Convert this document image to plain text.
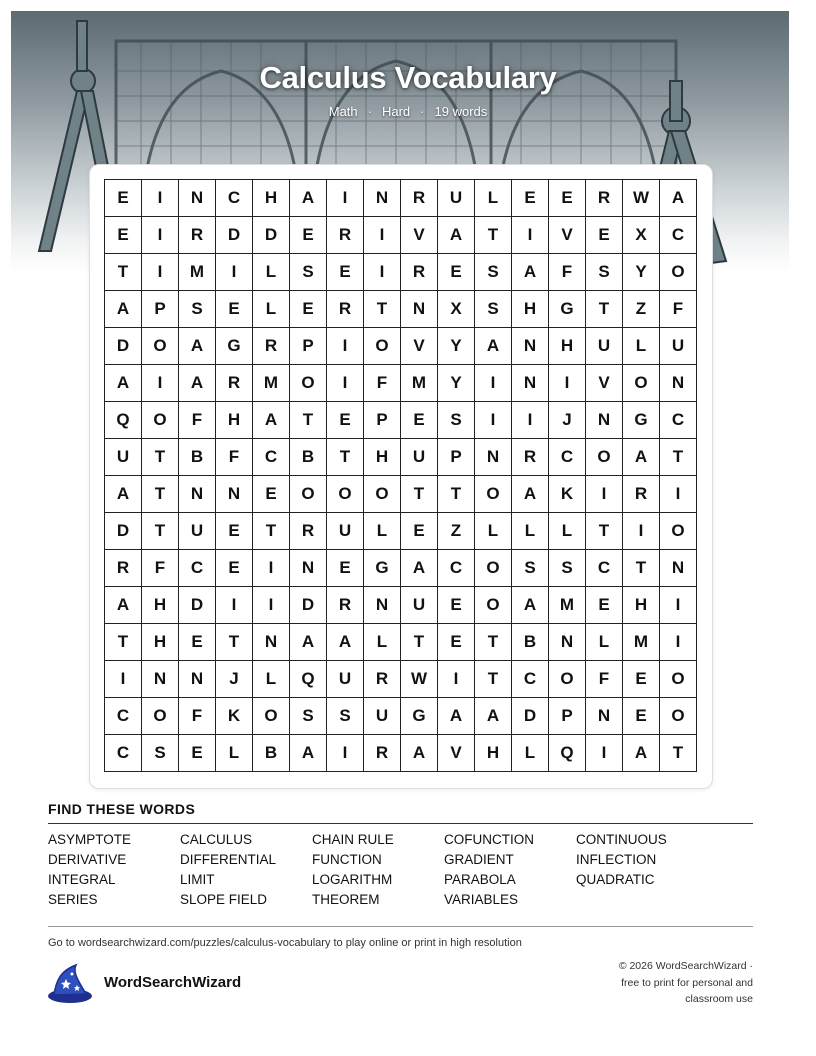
Calculus Vocabulary
Math · Hard · 19 words
E	I	N	C	H	A	I	N	R	U	L	E	E	R	W	A
E	I	R	D	D	E	R	I	V	A	T	I	V	E	X	C
T	I	M	I	L	S	E	I	R	E	S	A	F	S	Y	O
A	P	S	E	L	E	R	T	N	X	S	H	G	T	Z	F
D	O	A	G	R	P	I	O	V	Y	A	N	H	U	L	U
A	I	A	R	M	O	I	F	M	Y	I	N	I	V	O	N
Q	O	F	H	A	T	E	P	E	S	I	I	J	N	G	C
U	T	B	F	C	B	T	H	U	P	N	R	C	O	A	T
A	T	N	N	E	O	O	O	T	T	O	A	K	I	R	I
D	T	U	E	T	R	U	L	E	Z	L	L	L	T	I	O
R	F	C	E	I	N	E	G	A	C	O	S	S	C	T	N
A	H	D	I	I	D	R	N	U	E	O	A	M	E	H	I
T	H	E	T	N	A	A	L	T	E	T	B	N	L	M	I
I	N	N	J	L	Q	U	R	W	I	T	C	O	F	E	O
C	O	F	K	O	S	S	U	G	A	A	D	P	N	E	O
C	S	E	L	B	A	I	R	A	V	H	L	Q	I	A	T
FIND THESE WORDS
ASYMPTOTE	CALCULUS	CHAIN RULE	COFUNCTION	CONTINUOUS
DERIVATIVE	DIFFERENTIAL	FUNCTION	GRADIENT	INFLECTION
INTEGRAL	LIMIT	LOGARITHM	PARABOLA	QUADRATIC
SERIES	SLOPE FIELD	THEOREM	VARIABLES
Go to wordsearchwizard.com/puzzles/calculus-vocabulary to play online or print in high resolution
WordSearchWizard
© 2026 WordSearchWizard ·
free to print for personal and
classroom use
